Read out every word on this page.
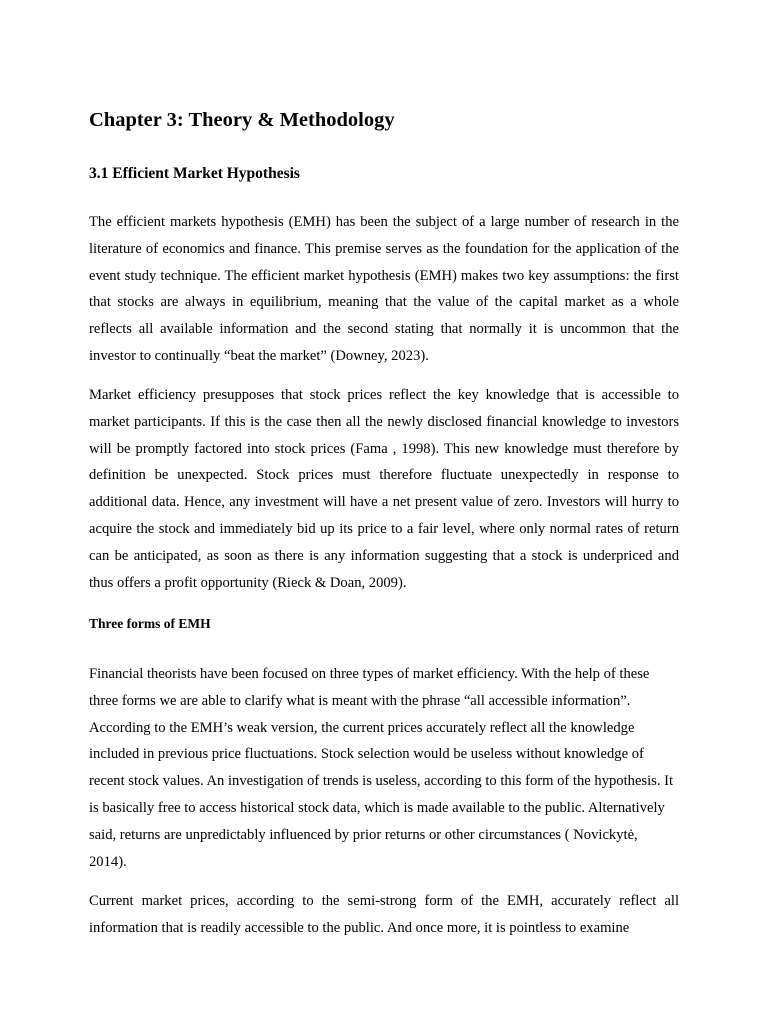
Chapter 3: Theory & Methodology
3.1 Efficient Market Hypothesis

The efficient markets hypothesis (EMH) has been the subject of a large number of research in the literature of economics and finance. This premise serves as the foundation for the application of the event study technique. The efficient market hypothesis (EMH) makes two key assumptions: the first that stocks are always in equilibrium, meaning that the value of the capital market as a whole reflects all available information and the second stating that normally it is uncommon that the investor to continually “beat the market” (Downey, 2023).

Market efficiency presupposes that stock prices reflect the key knowledge that is accessible to market participants. If this is the case then all the newly disclosed financial knowledge to investors will be promptly factored into stock prices (Fama , 1998). This new knowledge must therefore by definition be unexpected. Stock prices must therefore fluctuate unexpectedly in response to additional data. Hence, any investment will have a net present value of zero. Investors will hurry to acquire the stock and immediately bid up its price to a fair level, where only normal rates of return can be anticipated, as soon as there is any information suggesting that a stock is underpriced and thus offers a profit opportunity (Rieck & Doan, 2009).

Three forms of EMH

Financial theorists have been focused on three types of market efficiency. With the help of these three forms we are able to clarify what is meant with the phrase “all accessible information”. According to the EMH’s weak version, the current prices accurately reflect all the knowledge included in previous price fluctuations. Stock selection would be useless without knowledge of recent stock values. An investigation of trends is useless, according to this form of the hypothesis. It is basically free to access historical stock data, which is made available to the public. Alternatively said, returns are unpredictably influenced by prior returns or other circumstances ( Novickytė, 2014).

Current market prices, according to the semi-strong form of the EMH, accurately reflect all information that is readily accessible to the public. And once more, it is pointless to examine
